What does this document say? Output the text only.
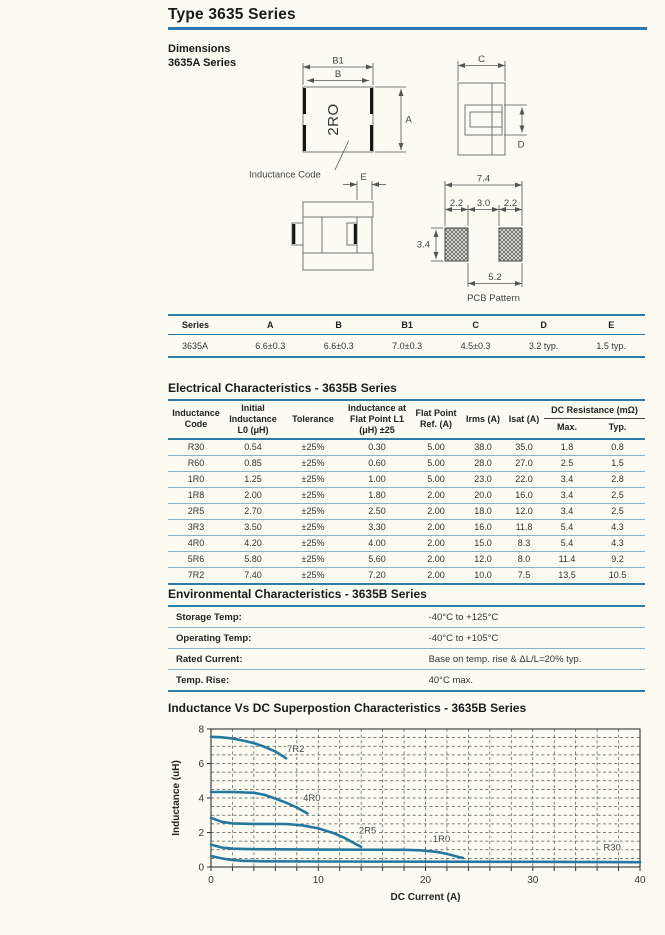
Type 3635 Series
Dimensions
3635A Series	B1
B
A
2RO
Inductance Code
C
D
E	7.4
2.2 3.0 2.2
3.4
5.2
PCB Pattern
Series	A	B	B1	C	D	E
3635A	6.6±0.3	6.6±0.3	7.0±0.3	4.5±0.3	3.2 typ.	1.5 typ.
Electrical Characteristics - 3635B Series
Inductance Code	Initial Inductance L0 (μH)	Tolerance	Inductance at Flat Point L1 (μH) ±25	Flat Point Ref. (A)	Irms (A)	Isat (A)	DC Resistance (mΩ)	
							Max.	Typ.
R30	0.54	±25%	0.30	5.00	38.0	35.0	1.8	0.8
R60	0.85	±25%	0.60	5.00	28.0	27.0	2.5	1.5
1R0	1.25	±25%	1.00	5.00	23.0	22.0	3.4	2.8
1R8	2.00	±25%	1.80	2.00	20.0	16.0	3.4	2.5
2R5	2.70	±25%	2.50	2.00	18.0	12.0	3.4	2.5
3R3	3.50	±25%	3.30	2.00	16.0	11.8	5.4	4.3
4R0	4.20	±25%	4.00	2.00	15.0	8.3	5.4	4.3
5R6	5.80	±25%	5.60	2.00	12.0	8.0	11.4	9.2
7R2	7.40	±25%	7.20	2.00	10.0	7.5	13.5	10.5
Environmental Characteristics - 3635B Series
Storage Temp:	-40°C to +125°C
Operating Temp:	-40°C to +105°C
Rated Current:	Base on temp. rise & ΔL/L=20% typ.
Temp. Rise:	40°C max.
Inductance Vs DC Superpostion Characteristics - 3635B Series
0	10	20	30	40
0
2
4
6
8
7R2
4R0
2R5
1R0
R30
DC Current (A)
Inductance (uH)
